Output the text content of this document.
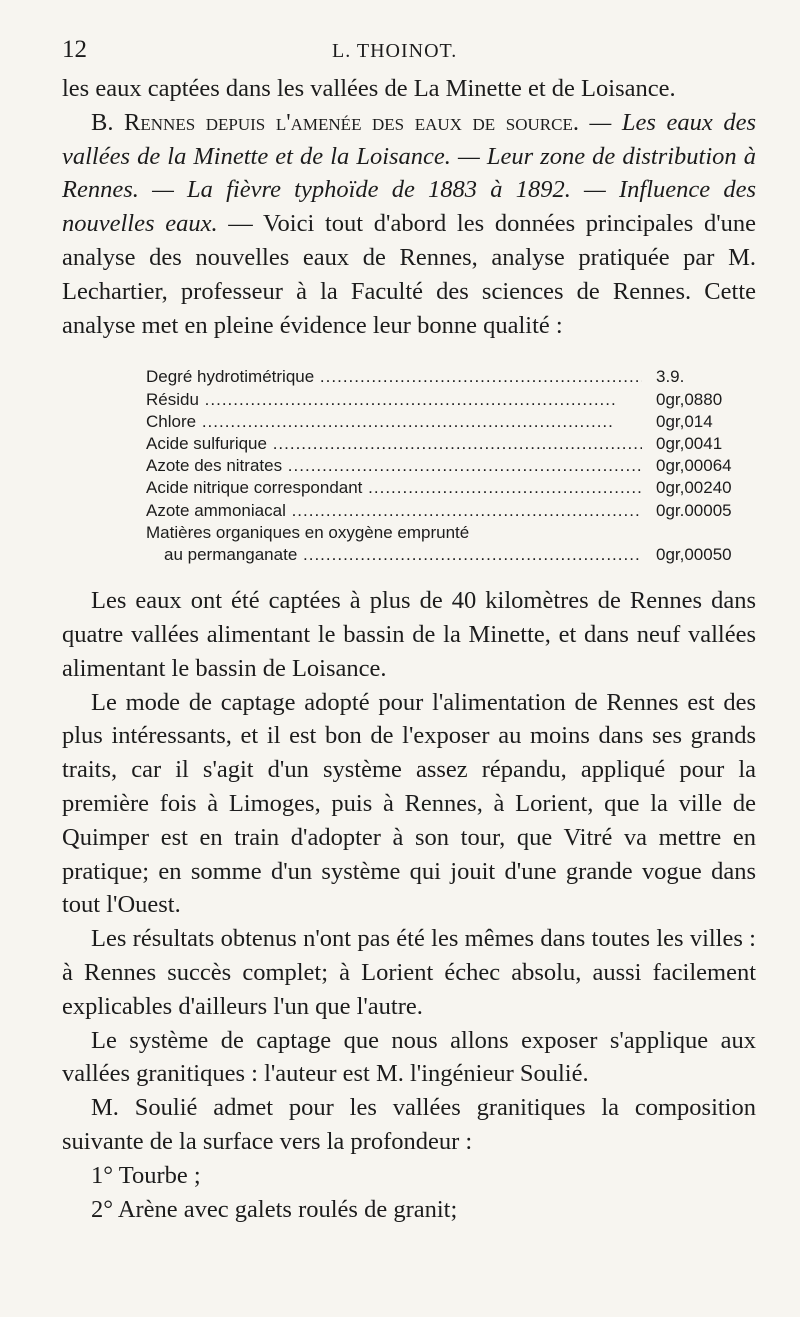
12	L. THOINOT.

les eaux captées dans les vallées de La Minette et de Loisance.

B. Rennes depuis l'amenée des eaux de source. — Les eaux des vallées de la Minette et de la Loisance. — Leur zone de distribution à Rennes. — La fièvre typhoïde de 1883 à 1892. — Influence des nouvelles eaux. — Voici tout d'abord les données principales d'une analyse des nouvelles eaux de Rennes, analyse pratiquée par M. Lechartier, professeur à la Faculté des sciences de Rennes. Cette analyse met en pleine évidence leur bonne qualité :

Degré hydrotimétrique .....	3.9.
Résidu .....	0gr,0880
Chlore .....	0gr,014
Acide sulfurique .....	0gr,0041
Azote des nitrates .....	0gr,00064
Acide nitrique correspondant .....	0gr,00240
Azote ammoniacal .....	0gr.00005
Matières organiques en oxygène emprunté
au permanganate .....	0gr,00050

Les eaux ont été captées à plus de 40 kilomètres de Rennes dans quatre vallées alimentant le bassin de la Minette, et dans neuf vallées alimentant le bassin de Loisance.

Le mode de captage adopté pour l'alimentation de Rennes est des plus intéressants, et il est bon de l'exposer au moins dans ses grands traits, car il s'agit d'un système assez répandu, appliqué pour la première fois à Limoges, puis à Rennes, à Lorient, que la ville de Quimper est en train d'adopter à son tour, que Vitré va mettre en pratique; en somme d'un système qui jouit d'une grande vogue dans tout l'Ouest.

Les résultats obtenus n'ont pas été les mêmes dans toutes les villes : à Rennes succès complet; à Lorient échec absolu, aussi facilement explicables d'ailleurs l'un que l'autre.

Le système de captage que nous allons exposer s'applique aux vallées granitiques : l'auteur est M. l'ingénieur Soulié.

M. Soulié admet pour les vallées granitiques la composition suivante de la surface vers la profondeur :

1° Tourbe ;

2° Arène avec galets roulés de granit;
